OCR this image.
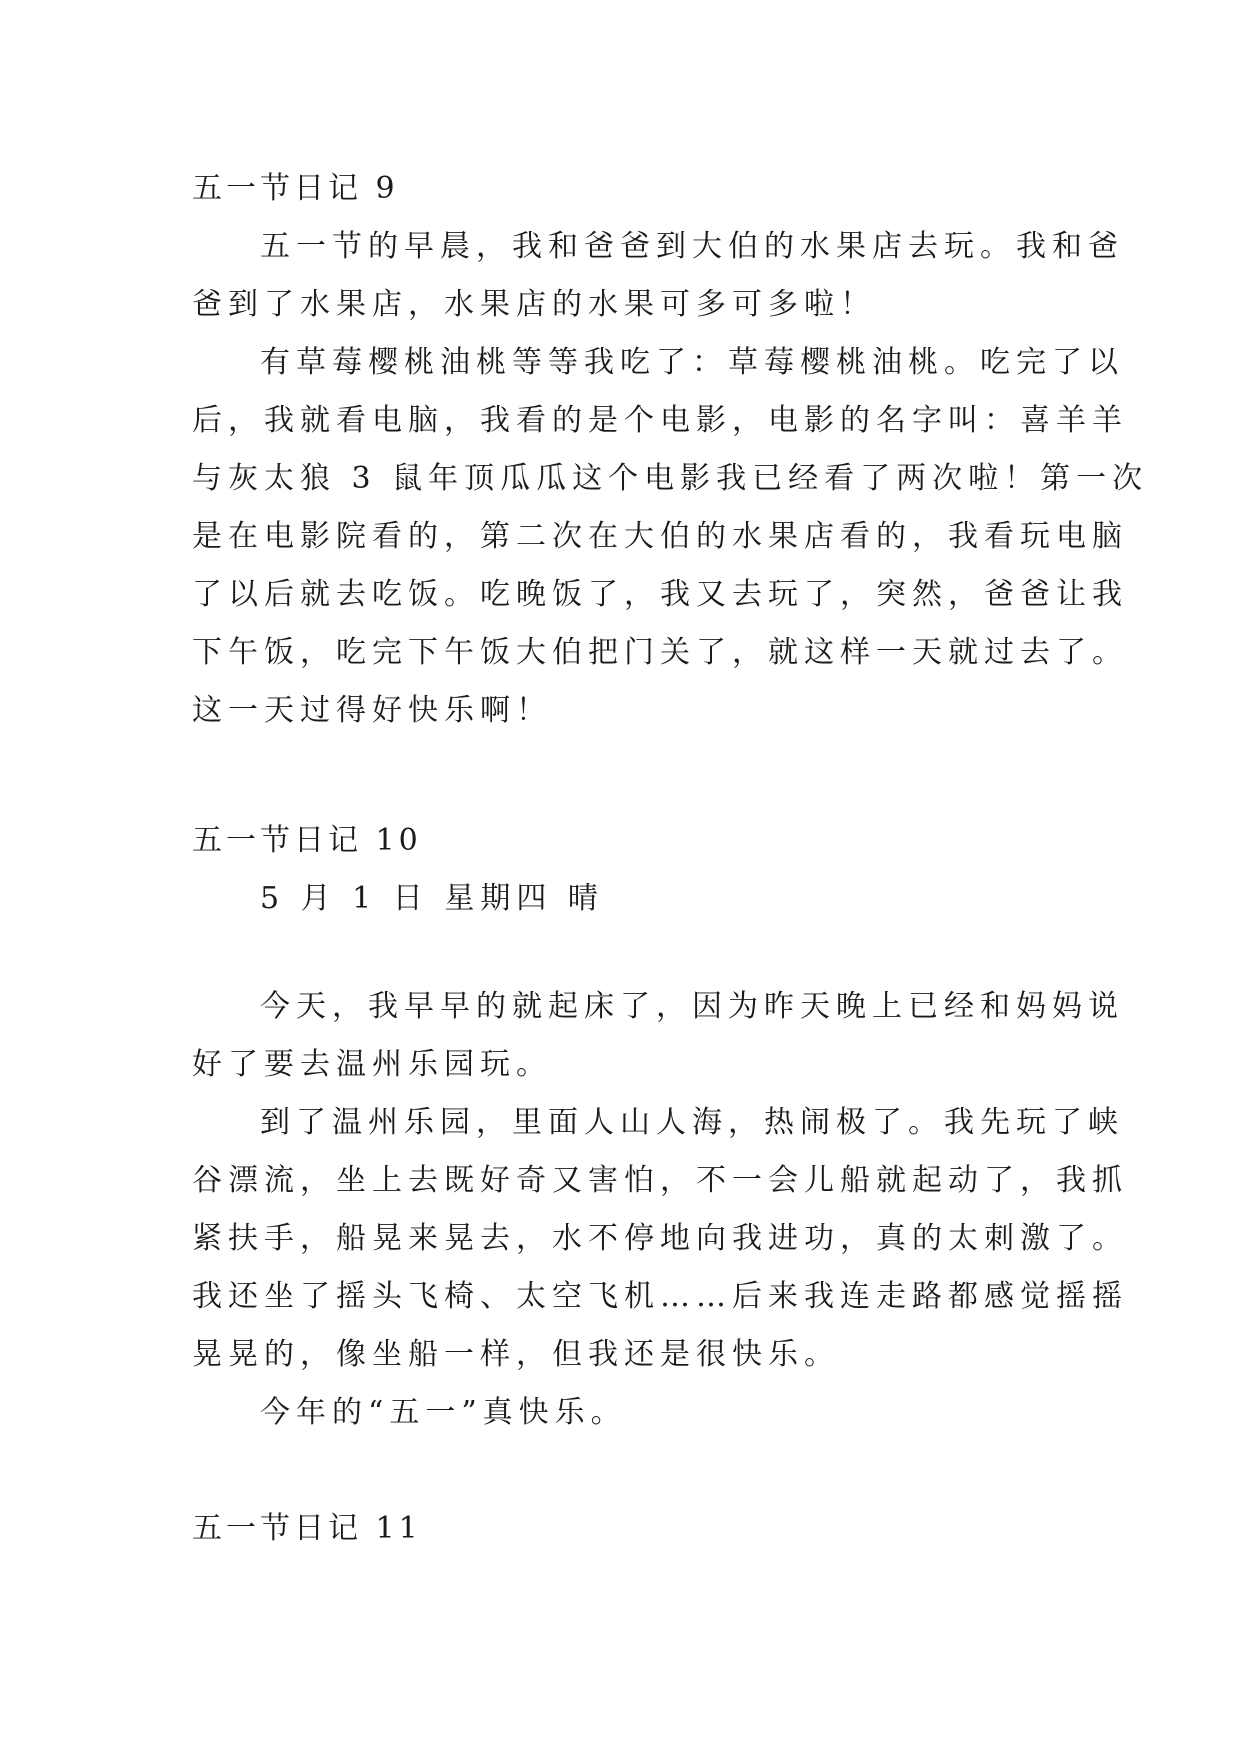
五一节日记 9
五一节的早晨，我和爸爸到大伯的水果店去玩。我和爸
爸到了水果店，水果店的水果可多可多啦！
有草莓樱桃油桃等等我吃了：草莓樱桃油桃。吃完了以
后，我就看电脑，我看的是个电影，电影的名字叫：喜羊羊
与灰太狼 3 鼠年顶瓜瓜这个电影我已经看了两次啦！第一次
是在电影院看的，第二次在大伯的水果店看的，我看玩电脑
了以后就去吃饭。吃晚饭了，我又去玩了，突然，爸爸让我
下午饭，吃完下午饭大伯把门关了，就这样一天就过去了。
这一天过得好快乐啊！
五一节日记 10
5 月 1 日 星期四 晴
今天，我早早的就起床了，因为昨天晚上已经和妈妈说
好了要去温州乐园玩。
到了温州乐园，里面人山人海，热闹极了。我先玩了峡
谷漂流，坐上去既好奇又害怕，不一会儿船就起动了，我抓
紧扶手，船晃来晃去，水不停地向我进功，真的太刺激了。
我还坐了摇头飞椅、太空飞机……后来我连走路都感觉摇摇
晃晃的，像坐船一样，但我还是很快乐。
今年的“五一”真快乐。
五一节日记 11
